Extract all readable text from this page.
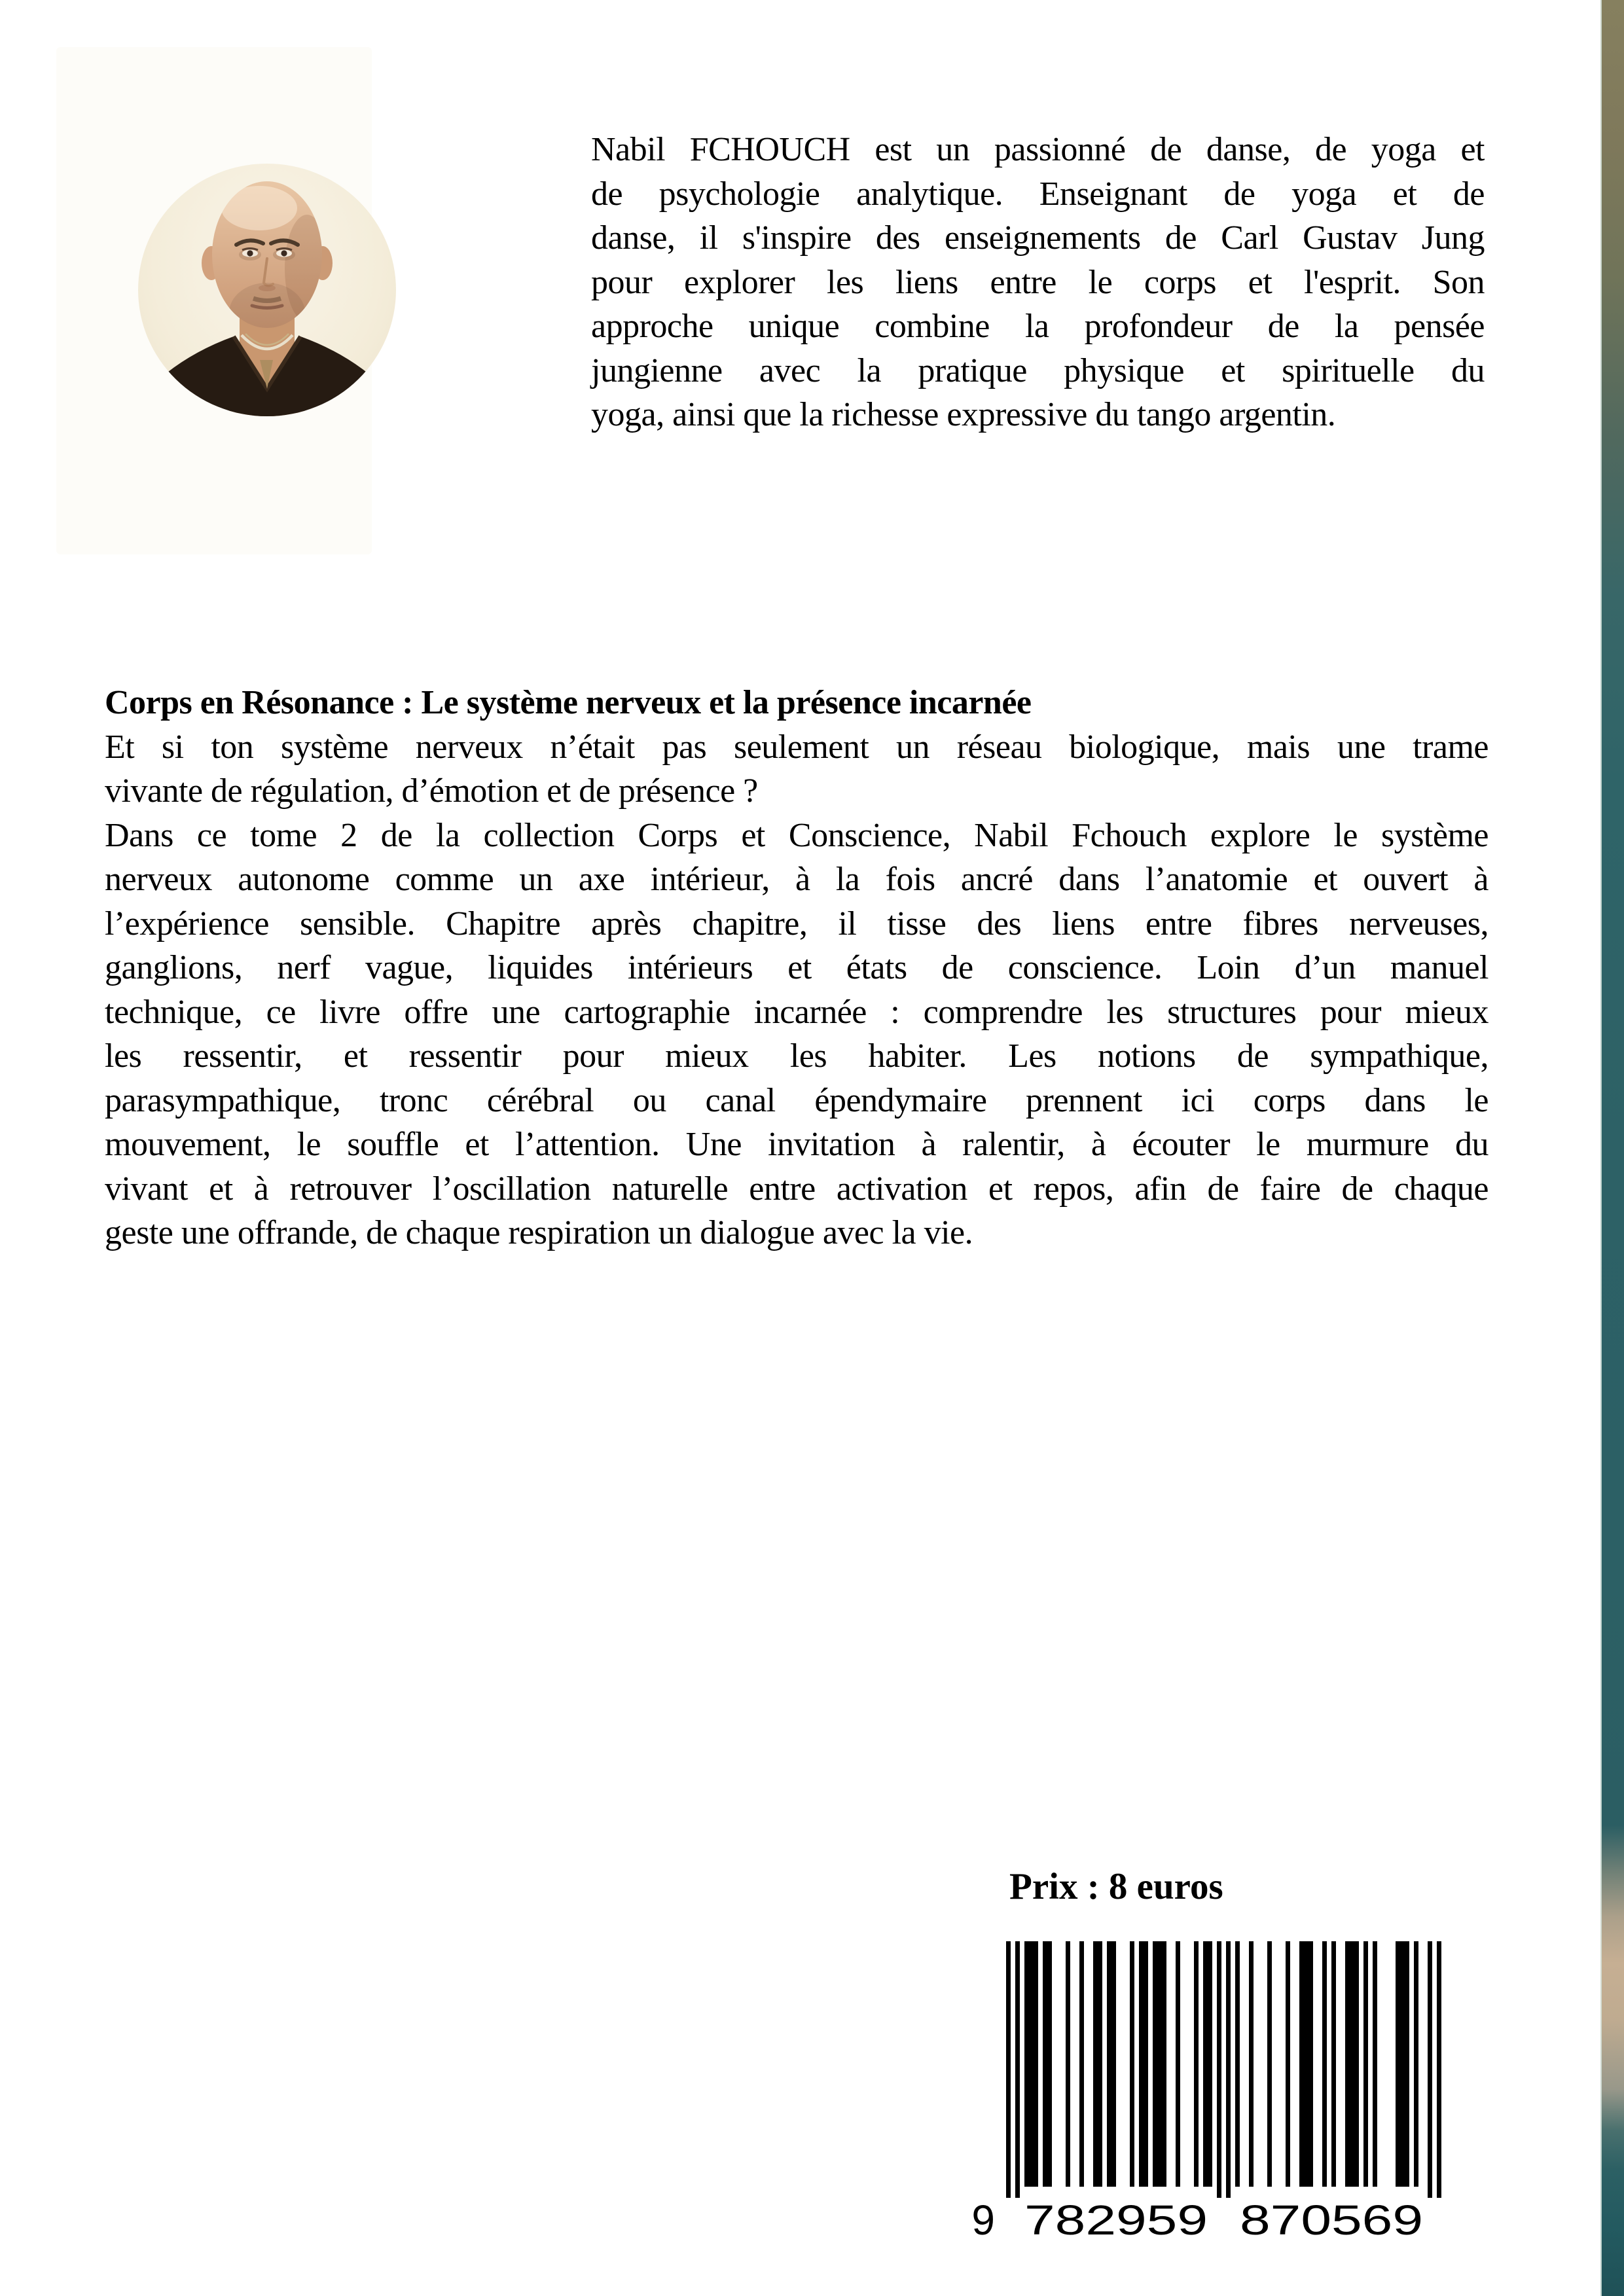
Nabil FCHOUCH est un passionné de danse, de yoga et
de psychologie analytique. Enseignant de yoga et de
danse, il s'inspire des enseignements de Carl Gustav Jung
pour explorer les liens entre le corps et l'esprit. Son
approche unique combine la profondeur de la pensée
jungienne avec la pratique physique et spirituelle du
yoga, ainsi que la richesse expressive du tango argentin.
Corps en Résonance : Le système nerveux et la présence incarnée
Et si ton système nerveux n’était pas seulement un réseau biologique, mais une trame
vivante de régulation, d’émotion et de présence ?
Dans ce tome 2 de la collection Corps et Conscience, Nabil Fchouch explore le système
nerveux autonome comme un axe intérieur, à la fois ancré dans l’anatomie et ouvert à
l’expérience sensible. Chapitre après chapitre, il tisse des liens entre fibres nerveuses,
ganglions, nerf vague, liquides intérieurs et états de conscience. Loin d’un manuel
technique, ce livre offre une cartographie incarnée : comprendre les structures pour mieux
les ressentir, et ressentir pour mieux les habiter. Les notions de sympathique,
parasympathique, tronc cérébral ou canal épendymaire prennent ici corps dans le
mouvement, le souffle et l’attention. Une invitation à ralentir, à écouter le murmure du
vivant et à retrouver l’oscillation naturelle entre activation et repos, afin de faire de chaque
geste une offrande, de chaque respiration un dialogue avec la vie.
Prix : 8 euros
9 782959 870569
